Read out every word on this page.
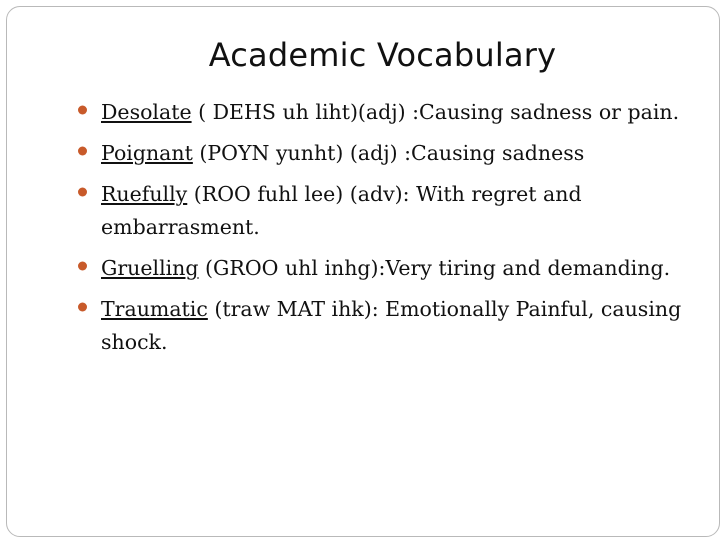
Academic Vocabulary
Desolate ( DEHS uh liht)(adj) :Causing sadness or pain.
Poignant (POYN yunht) (adj) :Causing sadness
Ruefully (ROO fuhl lee) (adv): With regret and embarrasment.
Gruelling (GROO uhl inhg):Very tiring and demanding.
Traumatic (traw MAT ihk): Emotionally Painful, causing shock.
